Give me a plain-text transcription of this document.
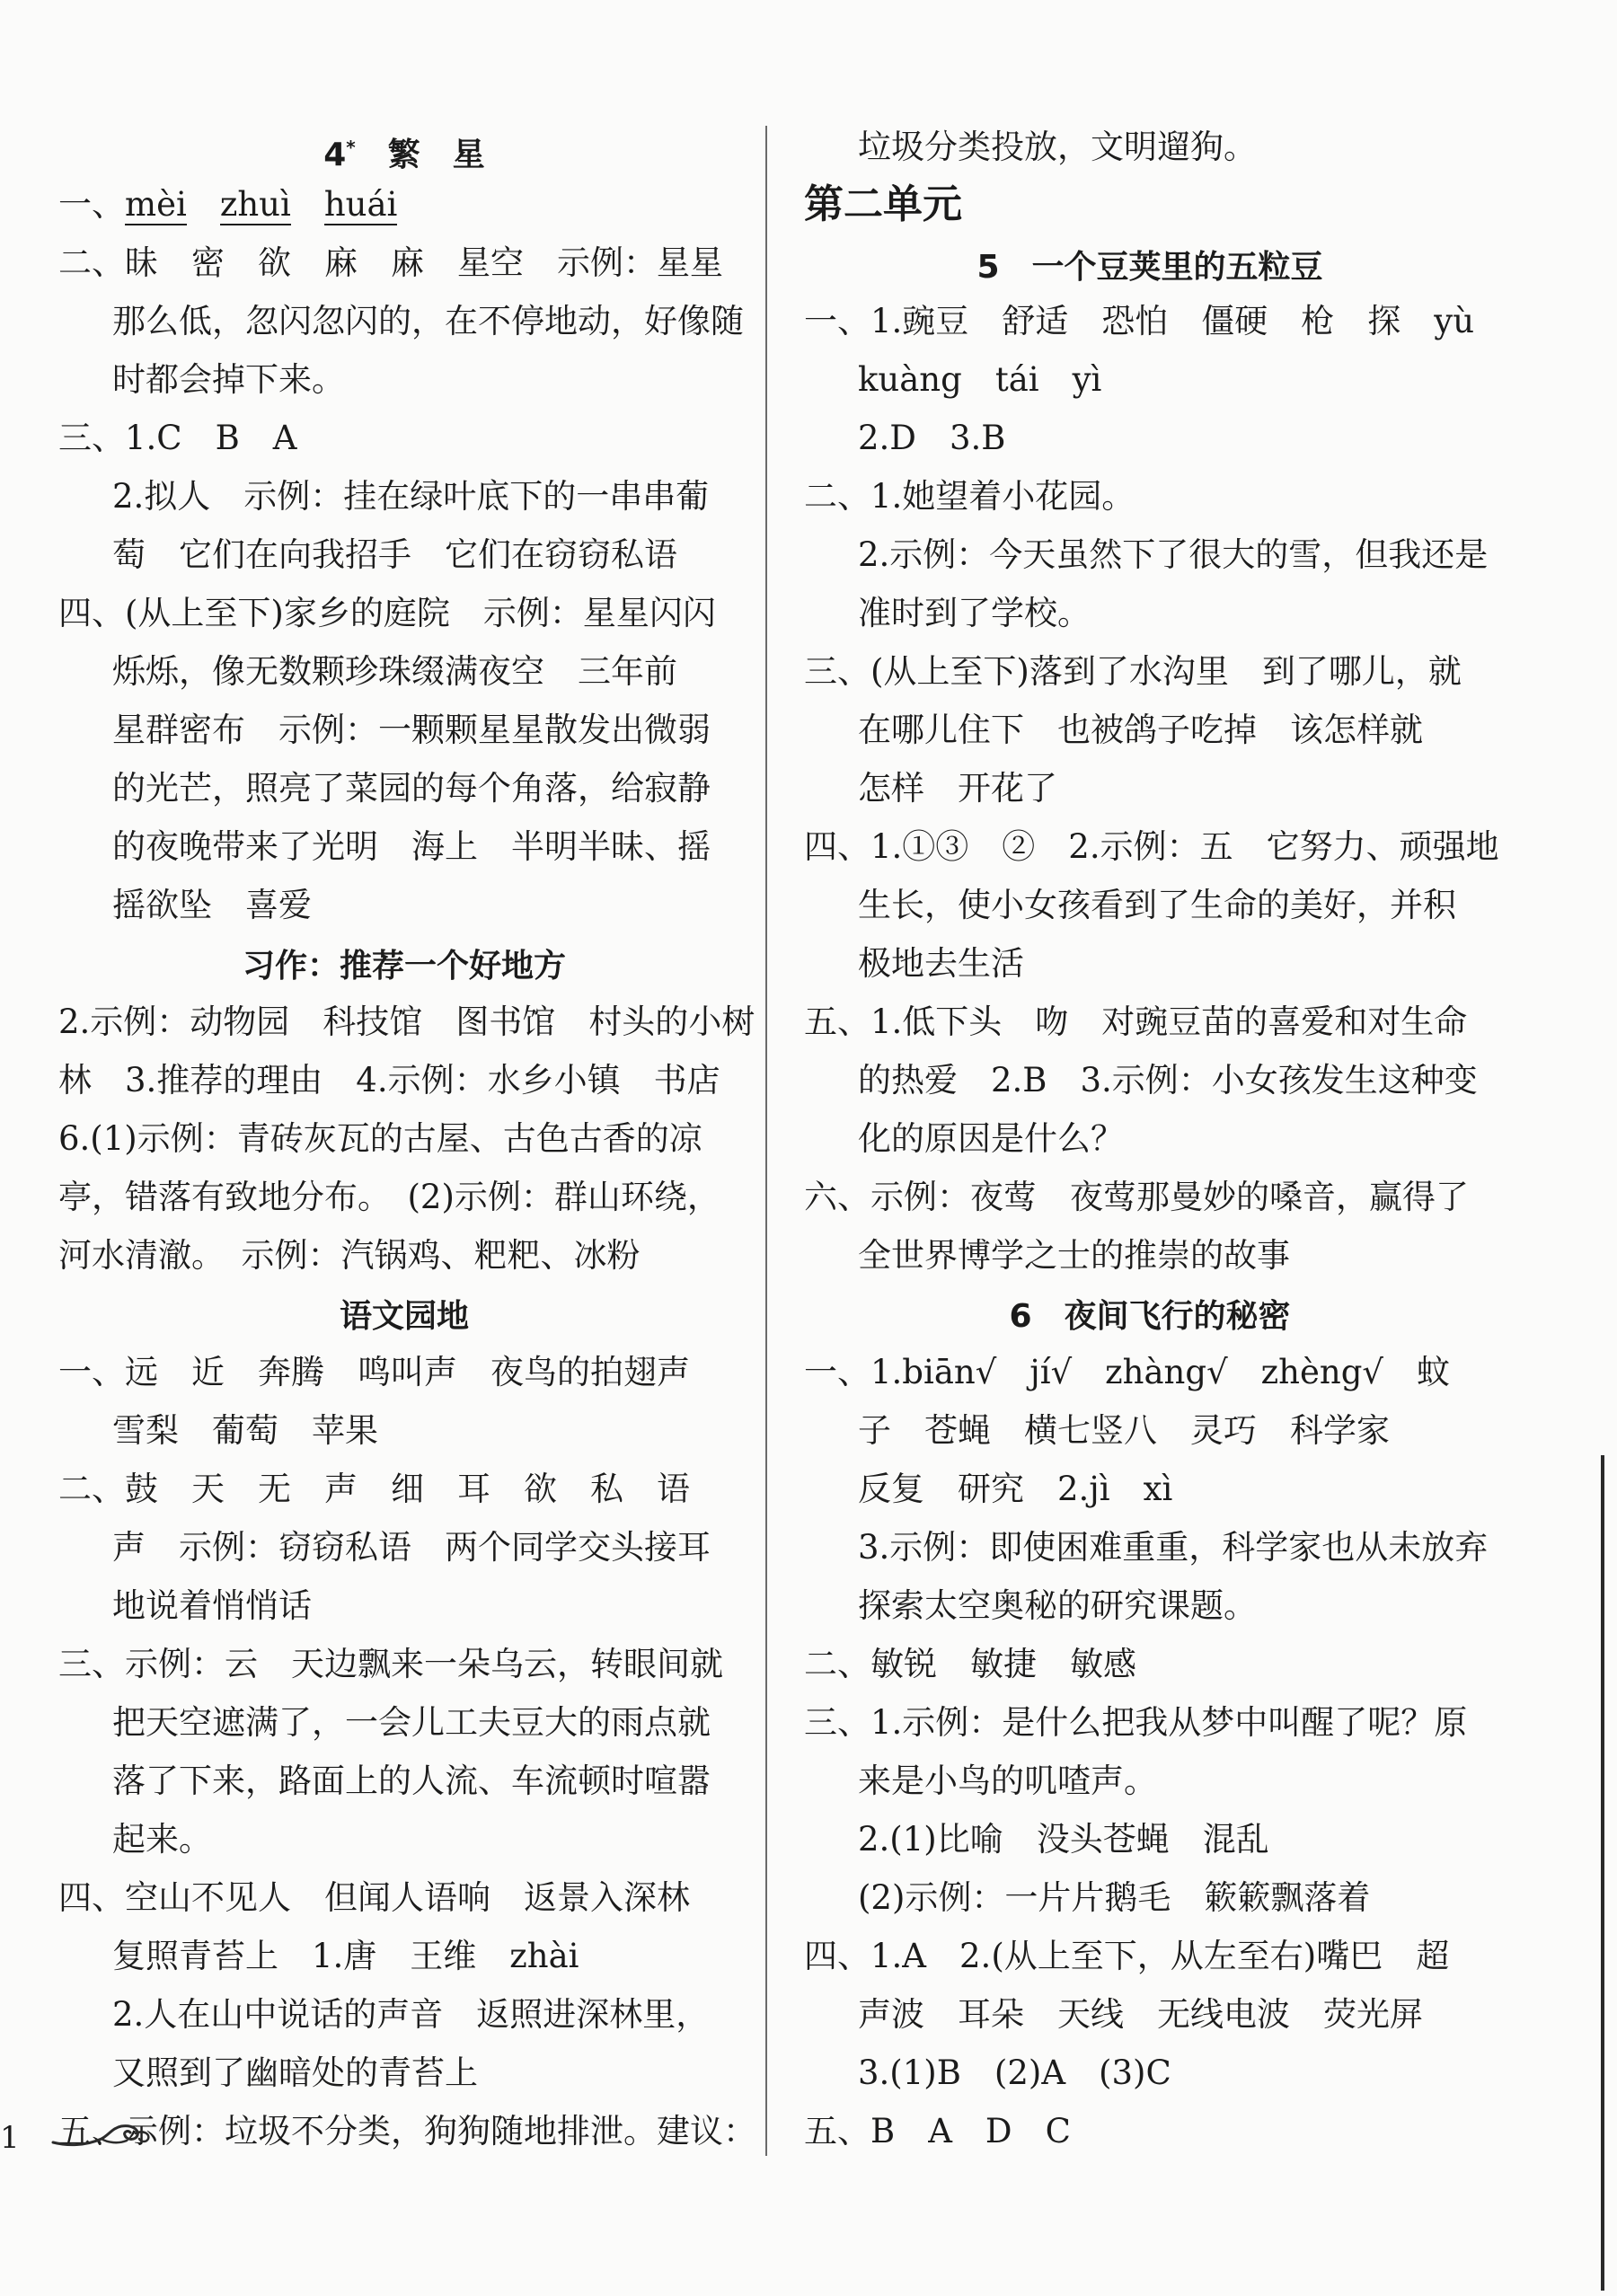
4*　 繁　星
一、mèi　 zhuì　 huái
二、昧　密　欲　麻　麻　星空　示例：星星
那么低，忽闪忽闪的，在不停地动，好像随
时都会掉下来。
三、1.C　B　A
2.拟人　示例：挂在绿叶底下的一串串葡
萄　它们在向我招手　它们在窃窃私语
四、(从上至下)家乡的庭院　示例：星星闪闪
烁烁，像无数颗珍珠缀满夜空　三年前
星群密布　示例：一颗颗星星散发出微弱
的光芒，照亮了菜园的每个角落，给寂静
的夜晚带来了光明　海上　半明半昧、摇
摇欲坠　喜爱
习作：推荐一个好地方
2.示例：动物园　科技馆　图书馆　村头的小树
林　3.推荐的理由　4.示例：水乡小镇　书店
6.(1)示例：青砖灰瓦的古屋、古色古香的凉
亭，错落有致地分布。　(2)示例：群山环绕，
河水清澈。　示例：汽锅鸡、粑粑、冰粉
语文园地
一、远　近　奔腾　鸣叫声　夜鸟的拍翅声
雪梨　葡萄　苹果
二、鼓　天　无　声　细　耳　欲　私　语
声　示例：窃窃私语　两个同学交头接耳
地说着悄悄话
三、示例：云　天边飘来一朵乌云，转眼间就
把天空遮满了，一会儿工夫豆大的雨点就
落了下来，路面上的人流、车流顿时喧嚣
起来。
四、空山不见人　但闻人语响　返景入深林
复照青苔上　1.唐　王维　zhài
2.人在山中说话的声音　返照进深林里，
又照到了幽暗处的青苔上
五、示例：垃圾不分类，狗狗随地排泄。建议：
垃圾分类投放，文明遛狗。
第二单元
5　一个豆荚里的五粒豆
一、1.豌豆　舒适　恐怕　僵硬　枪　探　yù
kuàng　tái　yì
2.D　3.B
二、1.她望着小花园。
2.示例：今天虽然下了很大的雪，但我还是
准时到了学校。
三、(从上至下)落到了水沟里　到了哪儿，就
在哪儿住下　也被鸽子吃掉　该怎样就
怎样　开花了
四、1.①③　②　2.示例：五　它努力、顽强地
生长，使小女孩看到了生命的美好，并积
极地去生活
五、1.低下头　吻　对豌豆苗的喜爱和对生命
的热爱　2.B　3.示例：小女孩发生这种变
化的原因是什么？
六、示例：夜莺　夜莺那曼妙的嗓音，赢得了
全世界博学之士的推崇的故事
6　夜间飞行的秘密
一、1.biān√　jí√　zhàng√　zhèng√　蚊
子　苍蝇　横七竖八　灵巧　科学家
反复　研究　2.jì　xì
3.示例：即使困难重重，科学家也从未放弃
探索太空奥秘的研究课题。
二、敏锐　敏捷　敏感
三、1.示例：是什么把我从梦中叫醒了呢？原
来是小鸟的叽喳声。
2.(1)比喻　没头苍蝇　混乱
(2)示例：一片片鹅毛　簌簌飘落着
四、1.A　2.(从上至下，从左至右)嘴巴　超
声波　耳朵　天线　无线电波　荧光屏
3.(1)B　(2)A　(3)C
五、B　A　D　C
1
